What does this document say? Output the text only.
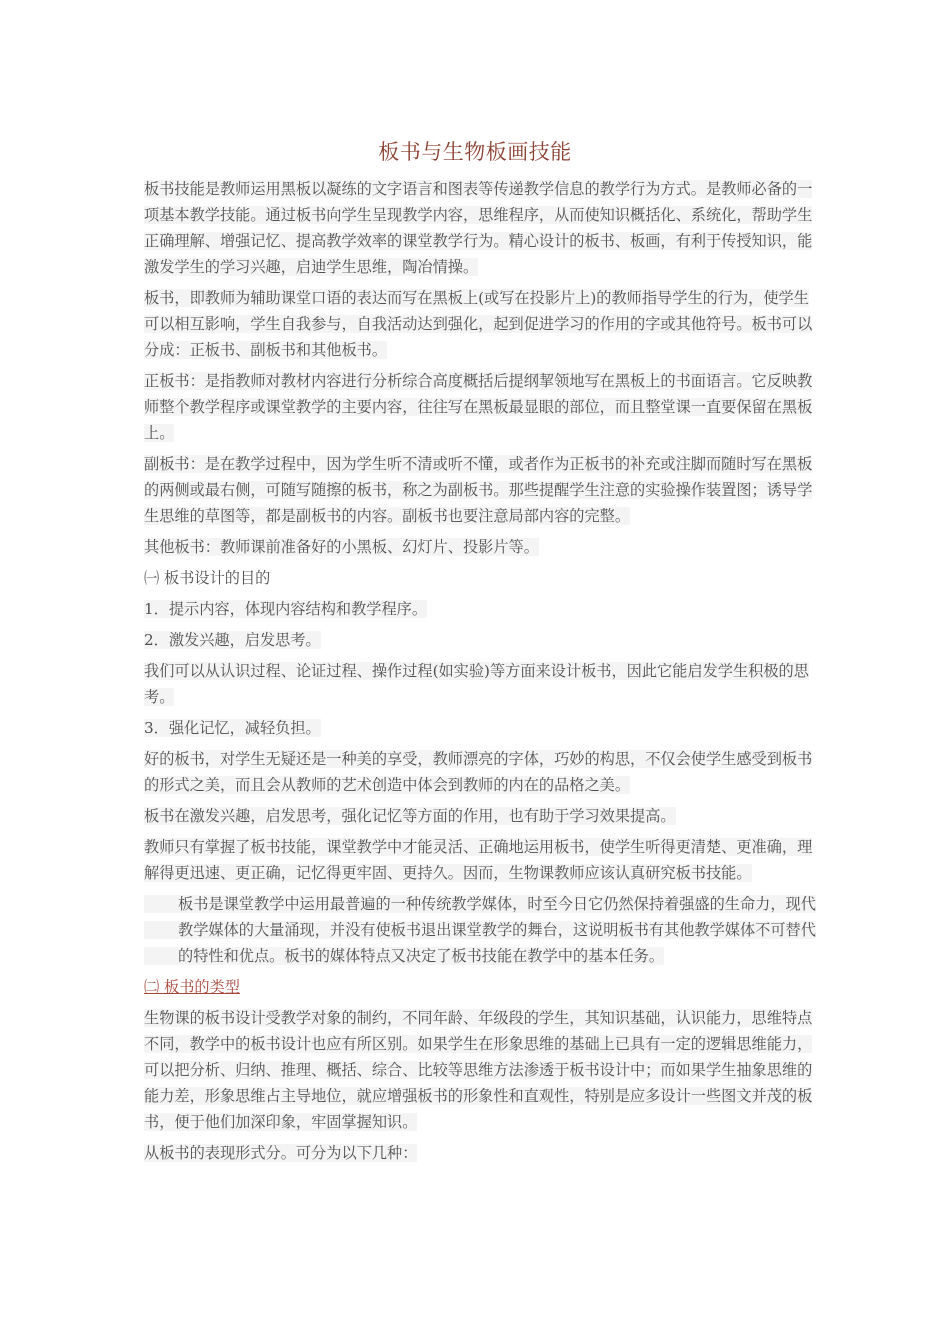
板书与生物板画技能
板书技能是教师运用黑板以凝练的文字语言和图表等传递教学信息的教学行为方式。是教师必备的一项基本教学技能。通过板书向学生呈现教学内容，思维程序，从而使知识概括化、系统化，帮助学生正确理解、增强记忆、提高教学效率的课堂教学行为。精心设计的板书、板画，有利于传授知识，能激发学生的学习兴趣，启迪学生思维，陶冶情操。
板书，即教师为辅助课堂口语的表达而写在黑板上(或写在投影片上)的教师指导学生的行为，使学生可以相互影响，学生自我参与，自我活动达到强化，起到促进学习的作用的字或其他符号。板书可以分成：正板书、副板书和其他板书。
正板书：是指教师对教材内容进行分析综合高度概括后提纲挈领地写在黑板上的书面语言。它反映教师整个教学程序或课堂教学的主要内容，往往写在黑板最显眼的部位，而且整堂课一直要保留在黑板上。
副板书：是在教学过程中，因为学生听不清或听不懂，或者作为正板书的补充或注脚而随时写在黑板的两侧或最右侧，可随写随擦的板书，称之为副板书。那些提醒学生注意的实验操作装置图；诱导学生思维的草图等，都是副板书的内容。副板书也要注意局部内容的完整。
其他板书：教师课前准备好的小黑板、幻灯片、投影片等。
㈠ 板书设计的目的
1．提示内容，体现内容结构和教学程序。
2．激发兴趣，启发思考。
我们可以从认识过程、论证过程、操作过程(如实验)等方面来设计板书，因此它能启发学生积极的思考。
3．强化记忆，减轻负担。
好的板书，对学生无疑还是一种美的享受，教师漂亮的字体，巧妙的构思，不仅会使学生感受到板书的形式之美，而且会从教师的艺术创造中体会到教师的内在的品格之美。
板书在激发兴趣，启发思考，强化记忆等方面的作用，也有助于学习效果提高。
教师只有掌握了板书技能，课堂教学中才能灵活、正确地运用板书，使学生听得更清楚、更准确，理解得更迅速、更正确，记忆得更牢固、更持久。因而，生物课教师应该认真研究板书技能。
板书是课堂教学中运用最普遍的一种传统教学媒体，时至今日它仍然保持着强盛的生命力，现代教学媒体的大量涌现，并没有使板书退出课堂教学的舞台，这说明板书有其他教学媒体不可替代的特性和优点。板书的媒体特点又决定了板书技能在教学中的基本任务。
㈡ 板书的类型
生物课的板书设计受教学对象的制约，不同年龄、年级段的学生，其知识基础，认识能力，思维特点不同，教学中的板书设计也应有所区别。如果学生在形象思维的基础上已具有一定的逻辑思维能力，可以把分析、归纳、推理、概括、综合、比较等思维方法渗透于板书设计中；而如果学生抽象思维的能力差，形象思维占主导地位，就应增强板书的形象性和直观性，特别是应多设计一些图文并茂的板书，便于他们加深印象，牢固掌握知识。
从板书的表现形式分。可分为以下几种：
